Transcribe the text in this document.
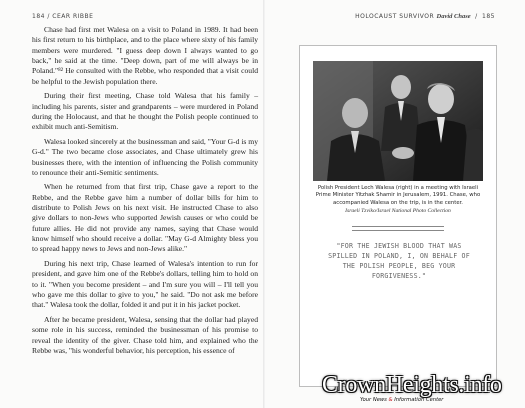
184 / CEAR RIBBE

Chase had first met Walesa on a visit to Poland in 1989. It had been his first return to his birthplace, and to the place where sixty of his family members were murdered. "I guess deep down I always wanted to go back," he said at the time. "Deep down, part of me will always be in Poland."⁸² He consulted with the Rebbe, who responded that a visit could be helpful to the Jewish population there.

During their first meeting, Chase told Walesa that his family – including his parents, sister and grandparents – were murdered in Poland during the Holocaust, and that he thought the Polish people continued to exhibit much anti-Semitism.

Walesa looked sincerely at the businessman and said, "Your G-d is my G-d." The two became close associates, and Chase ultimately grew his businesses there, with the intention of influencing the Polish community to renounce their anti-Semitic sentiments.

When he returned from that first trip, Chase gave a report to the Rebbe, and the Rebbe gave him a number of dollar bills for him to distribute to Polish Jews on his next visit. He instructed Chase to also give dollars to non-Jews who supported Jewish causes or who could be future allies. He did not provide any names, saying that Chase would know himself who should receive a dollar. "May G-d Almighty bless you to spread happy news to Jews and non-Jews alike."

During his next trip, Chase learned of Walesa's intention to run for president, and gave him one of the Rebbe's dollars, telling him to hold on to it. "When you become president – and I'm sure you will – I'll tell you who gave me this dollar to give to you," he said. "Do not ask me before that." Walesa took the dollar, folded it and put it in his jacket pocket.

After he became president, Walesa, sensing that the dollar had played some role in his success, reminded the businessman of his promise to reveal the identity of the giver. Chase told him, and explained who the Rebbe was, "his wonderful behavior, his perception, his essence of

HOLOCAUST SURVIVOR David Chase / 185
Polish President Lech Walesa (right) in a meeting with Israeli Prime Minister Yitzhak Shamir in Jerusalem, 1991. Chase, who accompanied Walesa on the trip, is in the center.
Israeli Tzviko/Israel National Photo Collection
"FOR THE JEWISH BLOOD THAT WAS SPILLED IN POLAND, I, ON BEHALF OF THE POLISH PEOPLE, BEG YOUR FORGIVENESS."
CrownHeights.info
Your News & Information Center
